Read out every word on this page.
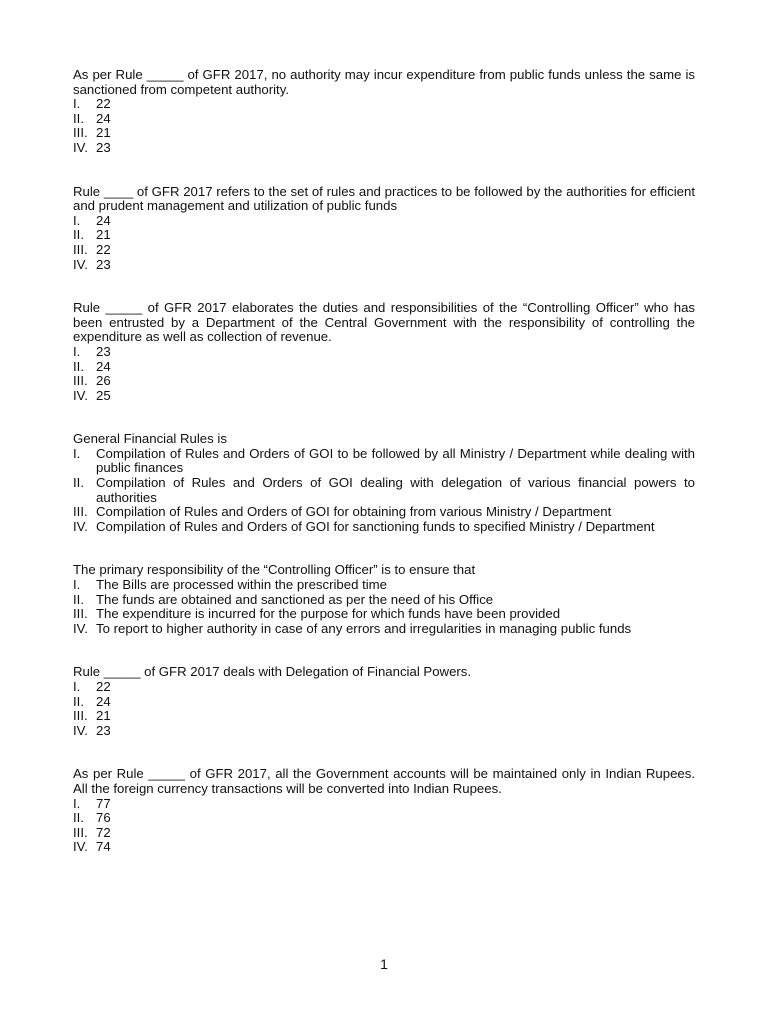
As per Rule _____ of GFR 2017, no authority may incur expenditure from public funds unless the same is sanctioned from competent authority.

I.	22
II. 24
III. 21
IV. 23

Rule ____ of GFR 2017 refers to the set of rules and practices to be followed by the authorities for efficient and prudent management and utilization of public funds

I.	24
II. 21
III. 22
IV. 23

Rule _____ of GFR 2017 elaborates the duties and responsibilities of the “Controlling Officer” who has been entrusted by a Department of the Central Government with the responsibility of controlling the expenditure as well as collection of revenue.

I.	23
II. 24
III. 26
IV. 25

General Financial Rules is

I.	Compilation of Rules and Orders of GOI to be followed by all Ministry / Department while dealing with public finances
II. Compilation of Rules and Orders of GOI dealing with delegation of various financial powers to authorities
III. Compilation of Rules and Orders of GOI for obtaining from various Ministry / Department
IV. Compilation of Rules and Orders of GOI for sanctioning funds to specified Ministry / Department

The primary responsibility of the “Controlling Officer” is to ensure that

I.	The Bills are processed within the prescribed time
II. The funds are obtained and sanctioned as per the need of his Office
III. The expenditure is incurred for the purpose for which funds have been provided
IV. To report to higher authority in case of any errors and irregularities in managing public funds

Rule _____ of GFR 2017 deals with Delegation of Financial Powers.

I.	22
II. 24
III. 21
IV. 23

As per Rule _____ of GFR 2017, all the Government accounts will be maintained only in Indian Rupees. All the foreign currency transactions will be converted into Indian Rupees.

I.	77
II. 76
III. 72
IV. 74
1
